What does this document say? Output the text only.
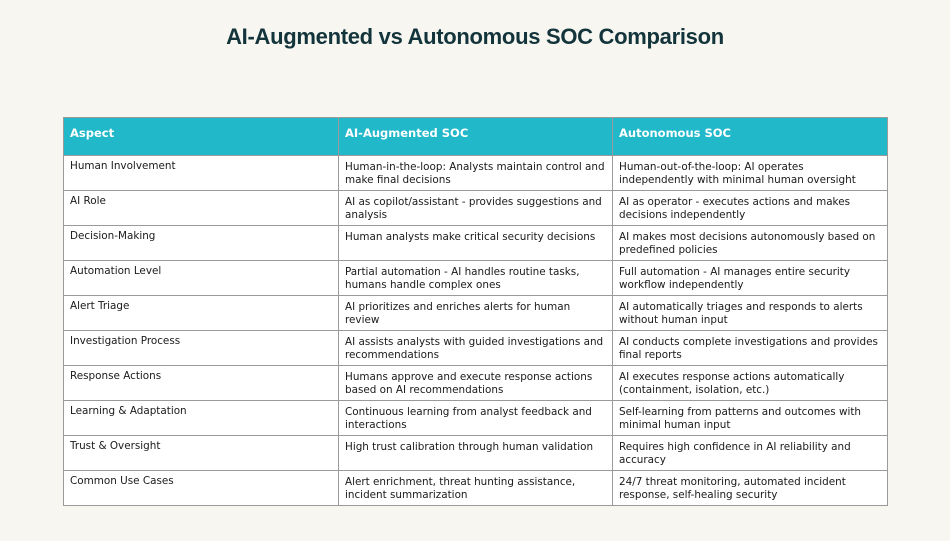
AI-Augmented vs Autonomous SOC Comparison
Aspect	AI-Augmented SOC	Autonomous SOC
Human Involvement	Human-in-the-loop: Analysts maintain control and make final decisions	Human-out-of-the-loop: AI operates independently with minimal human oversight
AI Role	AI as copilot/assistant - provides suggestions and analysis	AI as operator - executes actions and makes decisions independently
Decision-Making	Human analysts make critical security decisions	AI makes most decisions autonomously based on predefined policies
Automation Level	Partial automation - AI handles routine tasks, humans handle complex ones	Full automation - AI manages entire security workflow independently
Alert Triage	AI prioritizes and enriches alerts for human review	AI automatically triages and responds to alerts without human input
Investigation Process	AI assists analysts with guided investigations and recommendations	AI conducts complete investigations and provides final reports
Response Actions	Humans approve and execute response actions based on AI recommendations	AI executes response actions automatically (containment, isolation, etc.)
Learning & Adaptation	Continuous learning from analyst feedback and interactions	Self-learning from patterns and outcomes with minimal human input
Trust & Oversight	High trust calibration through human validation	Requires high confidence in AI reliability and accuracy
Common Use Cases	Alert enrichment, threat hunting assistance, incident summarization	24/7 threat monitoring, automated incident response, self-healing security
